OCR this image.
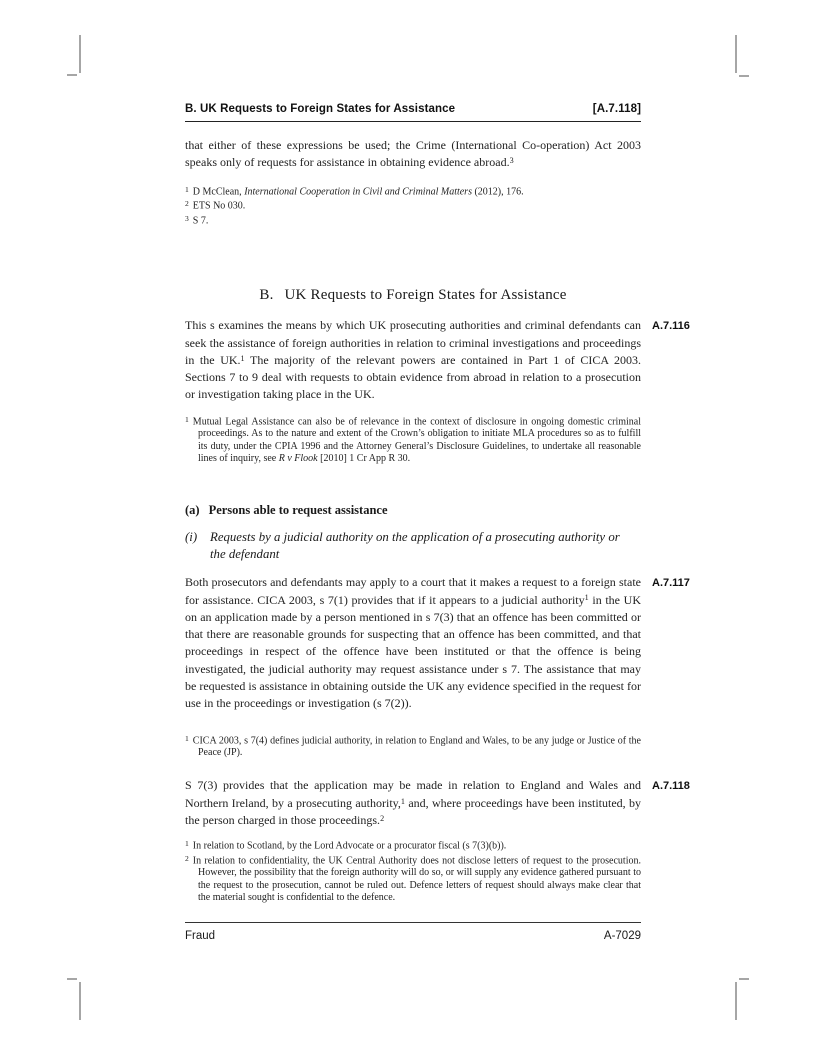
B. UK Requests to Foreign States for Assistance	[A.7.118]
that either of these expressions be used; the Crime (International Co-operation) Act 2003 speaks only of requests for assistance in obtaining evidence abroad.$^3$
$^1$ D McClean, International Cooperation in Civil and Criminal Matters (2012), 176.
$^2$ ETS No 030.
$^3$ S 7.
B. UK Requests to Foreign States for Assistance
This s examines the means by which UK prosecuting authorities and criminal defendants can seek the assistance of foreign authorities in relation to criminal investigations and proceedings in the UK.$^1$ The majority of the relevant powers are contained in Part 1 of CICA 2003. Sections 7 to 9 deal with requests to obtain evidence from abroad in relation to a prosecution or investigation taking place in the UK.
A.7.116
$^1$ Mutual Legal Assistance can also be of relevance in the context of disclosure in ongoing domestic criminal proceedings. As to the nature and extent of the Crown’s obligation to initiate MLA procedures so as to fulfill its duty, under the CPIA 1996 and the Attorney General’s Disclosure Guidelines, to undertake all reasonable lines of inquiry, see R v Flook [2010] 1 Cr App R 30.
(a) Persons able to request assistance
(i) Requests by a judicial authority on the application of a prosecuting authority or the defendant
Both prosecutors and defendants may apply to a court that it makes a request to a foreign state for assistance. CICA 2003, s 7(1) provides that if it appears to a judicial authority$^1$ in the UK on an application made by a person mentioned in s 7(3) that an offence has been committed or that there are reasonable grounds for suspecting that an offence has been committed, and that proceedings in respect of the offence have been instituted or that the offence is being investigated, the judicial authority may request assistance under s 7. The assistance that may be requested is assistance in obtaining outside the UK any evidence specified in the request for use in the proceedings or investigation (s 7(2)).
A.7.117
$^1$ CICA 2003, s 7(4) defines judicial authority, in relation to England and Wales, to be any judge or Justice of the Peace (JP).
S 7(3) provides that the application may be made in relation to England and Wales and Northern Ireland, by a prosecuting authority,$^1$ and, where proceedings have been instituted, by the person charged in those proceedings.$^2$
A.7.118
$^1$ In relation to Scotland, by the Lord Advocate or a procurator fiscal (s 7(3)(b)).
$^2$ In relation to confidentiality, the UK Central Authority does not disclose letters of request to the prosecution. However, the possibility that the foreign authority will do so, or will supply any evidence gathered pursuant to the request to the prosecution, cannot be ruled out. Defence letters of request should always make clear that the material sought is confidential to the defence.
Fraud	A-7029
